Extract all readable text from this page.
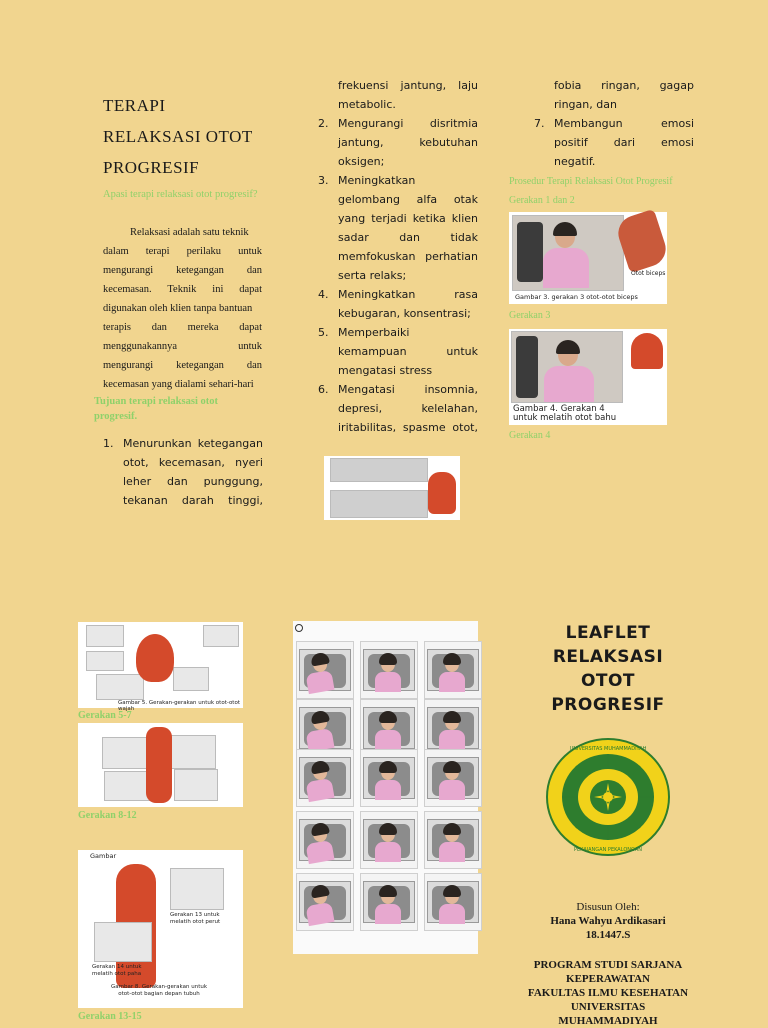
TERAPI
RELAKSASI OTOT
PROGRESIF
Apasi terapi relaksasi otot progresif?
Relaksasi adalah satu teknik
dalam terapi perilaku untuk
mengurangi ketegangan dan
kecemasan. Teknik ini dapat
digunakan oleh klien tanpa bantuan
terapis dan mereka dapat
menggunakannya untuk
mengurangi ketegangan dan
kecemasan yang dialami sehari-hari
Tujuan terapi relaksasi otot progresif.
1. Menurunkan ketegangan
otot, kecemasan, nyeri
leher dan punggung,
tekanan darah tinggi,
frekuensi jantung, laju
metabolic.
2. Mengurangi disritmia
jantung, kebutuhan
oksigen;
3. Meningkatkan
gelombang alfa otak
yang terjadi ketika klien
sadar dan tidak
memfokuskan perhatian
serta relaks;
4. Meningkatkan rasa
kebugaran, konsentrasi;
5. Memperbaiki
kemampuan untuk
mengatasi stress
6. Mengatasi insomnia,
depresi, kelelahan,
iritabilitas, spasme otot,
fobia ringan, gagap
ringan, dan
7. Membangun emosi
positif dari emosi
negatif.
Prosedur Terapi Relaksasi Otot Progresif
Gerakan 1 dan 2
Otot biceps
Gambar 3. gerakan 3 otot-otot biceps
Gerakan 3
Gambar 4. Gerakan 4
untuk melatih otot bahu
Gerakan 4
Gambar 5. Gerakan-gerakan untuk otot-otot wajah
Gerakan 5-7
Gerakan 8-12
Gambar
Gerakan 13 untuk melatih otot perut
Gerakan 14 untuk melatih otot paha
Gambar 8. Gerakan-gerakan untuk otot-otot bagian depan tubuh
Gerakan 13-15
LEAFLET
RELAKSASI
OTOT
PROGRESIF
UNIVERSITAS MUHAMMADIYAH
PEKAJANGAN PEKALONGAN
Disusun Oleh:
Hana Wahyu Ardikasari
18.1447.S
PROGRAM STUDI SARJANA
KEPERAWATAN
FAKULTAS ILMU KESEHATAN
UNIVERSITAS
MUHAMMADIYAH
